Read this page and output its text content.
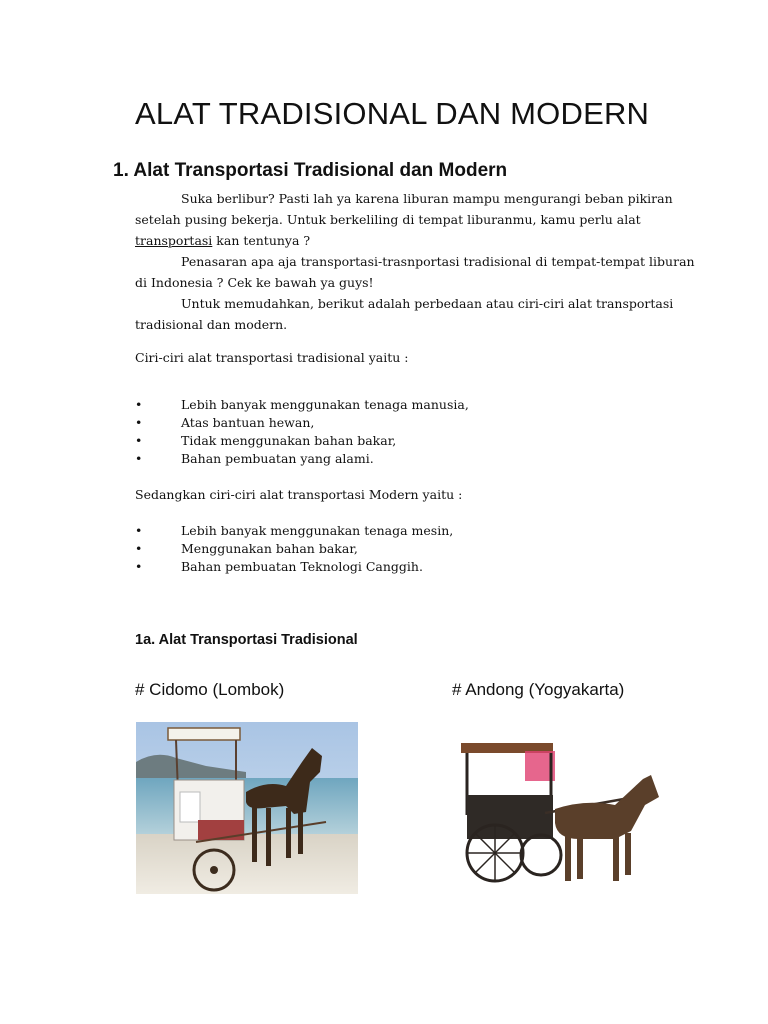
ALAT TRADISIONAL DAN MODERN
1. Alat Transportasi Tradisional dan Modern

Suka berlibur? Pasti lah ya karena liburan mampu mengurangi beban pikiran setelah pusing bekerja. Untuk berkeliling di tempat liburanmu, kamu perlu alat transportasi kan tentunya ?

Penasaran apa aja transportasi-trasnportasi tradisional di tempat-tempat liburan di Indonesia ? Cek ke bawah ya guys!

Untuk memudahkan, berikut adalah perbedaan atau ciri-ciri alat transportasi tradisional dan modern.

Ciri-ciri alat transportasi tradisional yaitu :

•	Lebih banyak menggunakan tenaga manusia,
•	Atas bantuan hewan,
•	Tidak menggunakan bahan bakar,
•	Bahan pembuatan yang alami.

Sedangkan ciri-ciri alat transportasi Modern yaitu :

•	Lebih banyak menggunakan tenaga mesin,
•	Menggunakan bahan bakar,
•	Bahan pembuatan Teknologi Canggih.
1a. Alat Transportasi Tradisional

# Cidomo (Lombok)	# Andong (Yogyakarta)
